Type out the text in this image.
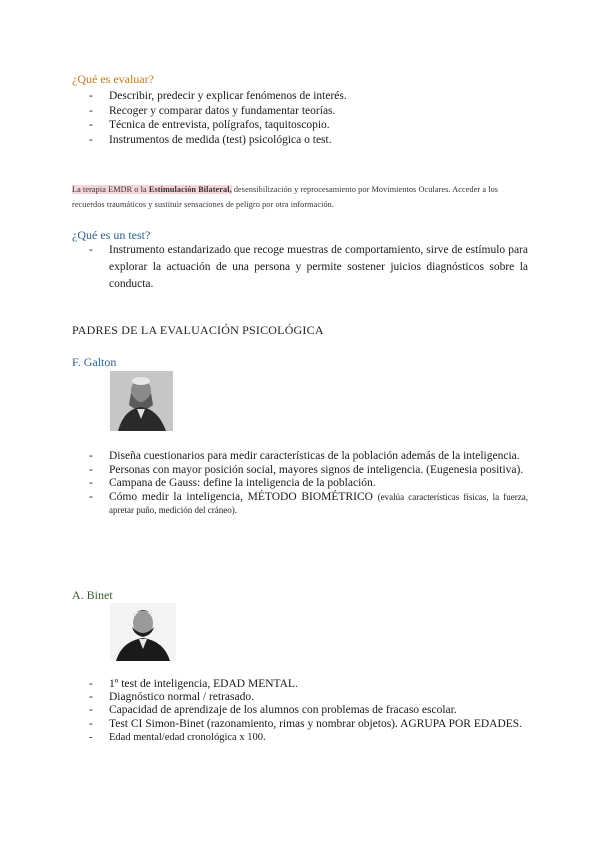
¿Qué es evaluar?
- Describir, predecir y explicar fenómenos de interés.
- Recoger y comparar datos y fundamentar teorías.
- Técnica de entrevista, polígrafos, taquitoscopio.
- Instrumentos de medida (test) psicológica o test.
La terapia EMDR o la Estimulación Bilateral, desensibilización y reprocesamiento por Movimientos Oculares. Acceder a los recuerdos traumáticos y sustituir sensaciones de peligro por otra información.
¿Qué es un test?
- Instrumento estandarizado que recoge muestras de comportamiento, sirve de estímulo para explorar la actuación de una persona y permite sostener juicios diagnósticos sobre la conducta.
PADRES DE LA EVALUACIÓN PSICOLÓGICA
F. Galton
- Diseña cuestionarios para medir características de la población además de la inteligencia.
- Personas con mayor posición social, mayores signos de inteligencia. (Eugenesia positiva).
- Campana de Gauss: define la inteligencia de la población.
- Cómo medir la inteligencia, MÉTODO BIOMÉTRICO (evalúa características físicas, la fuerza, apretar puño, medición del cráneo).
A. Binet
- 1º test de inteligencia, EDAD MENTAL.
- Diagnóstico normal / retrasado.
- Capacidad de aprendizaje de los alumnos con problemas de fracaso escolar.
- Test CI Simon-Binet (razonamiento, rimas y nombrar objetos). AGRUPA POR EDADES.
- Edad mental/edad cronológica x 100.
